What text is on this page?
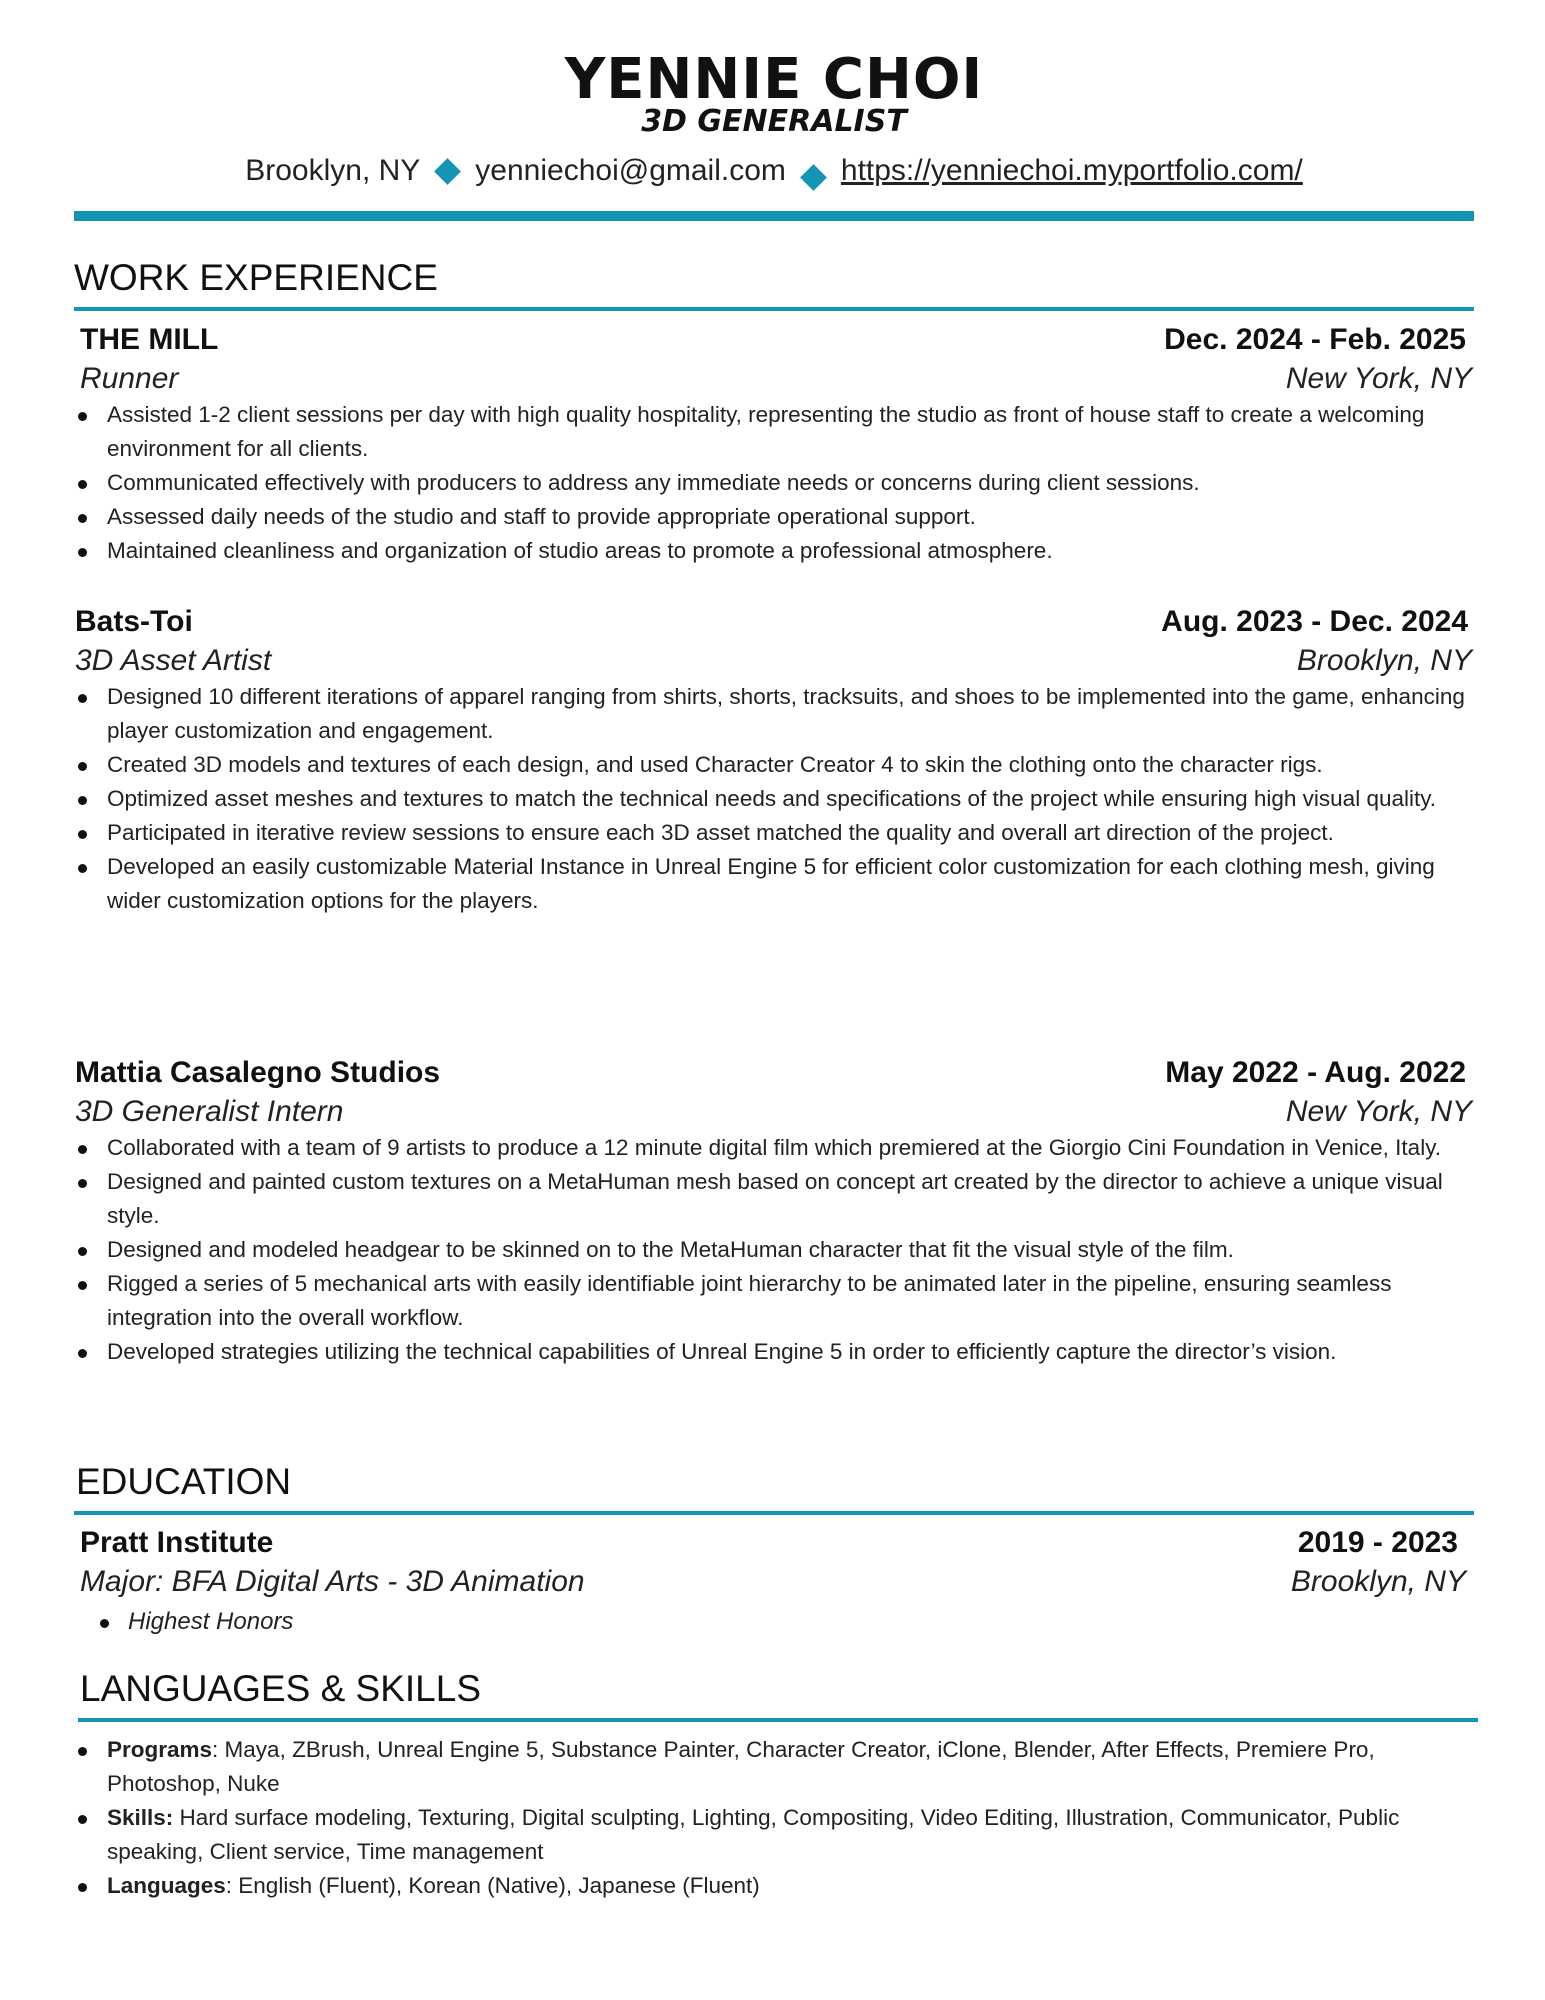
YENNIE CHOI
3D GENERALIST
Brooklyn, NY yenniechoi@gmail.com https://yenniechoi.myportfolio.com/
WORK EXPERIENCE
THE MILL	Dec. 2024 - Feb. 2025
Runner	New York, NY
Assisted 1-2 client sessions per day with high quality hospitality, representing the studio as front of house staff to create a welcoming environment for all clients.
Communicated effectively with producers to address any immediate needs or concerns during client sessions.
Assessed daily needs of the studio and staff to provide appropriate operational support.
Maintained cleanliness and organization of studio areas to promote a professional atmosphere.
Bats-Toi	Aug. 2023 - Dec. 2024
3D Asset Artist	Brooklyn, NY
Designed 10 different iterations of apparel ranging from shirts, shorts, tracksuits, and shoes to be implemented into the game, enhancing player customization and engagement.
Created 3D models and textures of each design, and used Character Creator 4 to skin the clothing onto the character rigs.
Optimized asset meshes and textures to match the technical needs and specifications of the project while ensuring high visual quality.
Participated in iterative review sessions to ensure each 3D asset matched the quality and overall art direction of the project.
Developed an easily customizable Material Instance in Unreal Engine 5 for efficient color customization for each clothing mesh, giving wider customization options for the players.
Mattia Casalegno Studios	May 2022 - Aug. 2022
3D Generalist Intern	New York, NY
Collaborated with a team of 9 artists to produce a 12 minute digital film which premiered at the Giorgio Cini Foundation in Venice, Italy.
Designed and painted custom textures on a MetaHuman mesh based on concept art created by the director to achieve a unique visual style.
Designed and modeled headgear to be skinned on to the MetaHuman character that fit the visual style of the film.
Rigged a series of 5 mechanical arts with easily identifiable joint hierarchy to be animated later in the pipeline, ensuring seamless integration into the overall workflow.
Developed strategies utilizing the technical capabilities of Unreal Engine 5 in order to efficiently capture the director’s vision.
EDUCATION
Pratt Institute	2019 - 2023
Major: BFA Digital Arts - 3D Animation	Brooklyn, NY
Highest Honors
LANGUAGES & SKILLS
Programs: Maya, ZBrush, Unreal Engine 5, Substance Painter, Character Creator, iClone, Blender, After Effects, Premiere Pro, Photoshop, Nuke
Skills: Hard surface modeling, Texturing, Digital sculpting, Lighting, Compositing, Video Editing, Illustration, Communicator, Public speaking, Client service, Time management
Languages: English (Fluent), Korean (Native), Japanese (Fluent)
